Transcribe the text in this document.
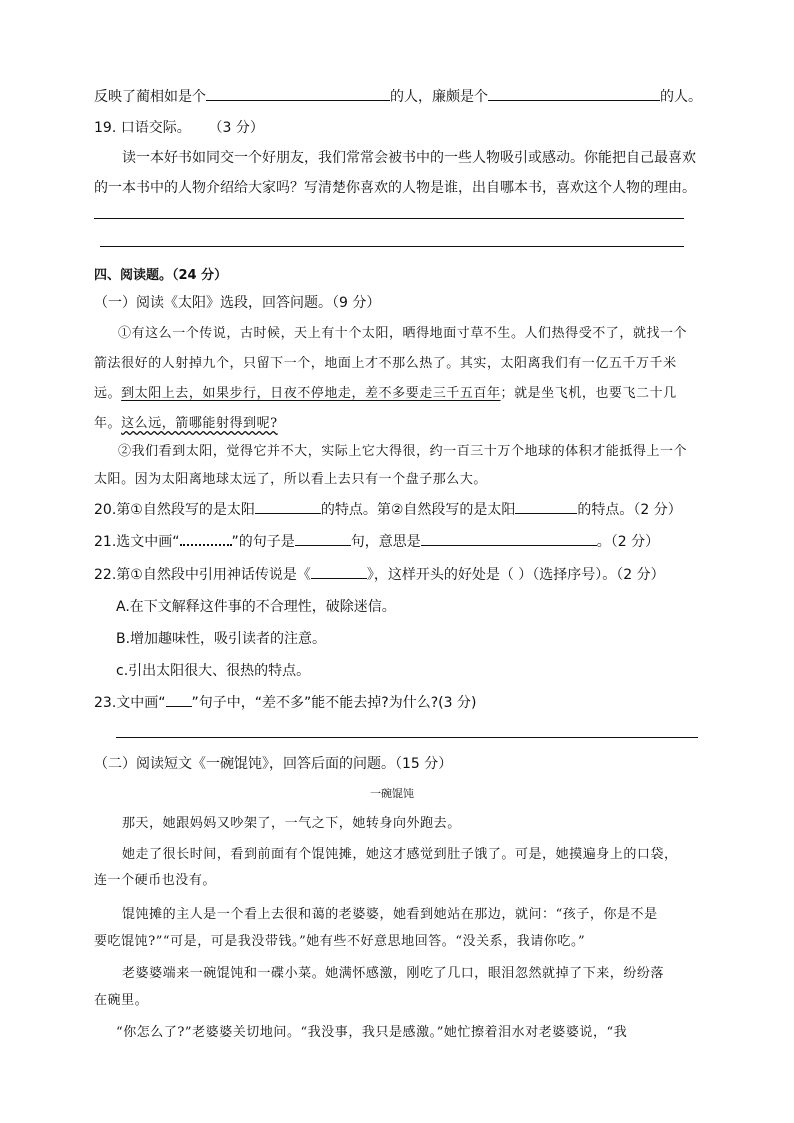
反映了蔺相如是个	的人，廉颇是个	的人。
19. 口语交际。 （3 分）
读一本好书如同交一个好朋友，我们常常会被书中的一些人物吸引或感动。你能把自己最喜欢
的一本书中的人物介绍给大家吗？写清楚你喜欢的人物是谁，出自哪本书，喜欢这个人物的理由。
四、阅读题。（24 分）
（一）阅读《太阳》选段，回答问题。（9 分）
①有这么一个传说，古时候，天上有十个太阳，晒得地面寸草不生。人们热得受不了，就找一个
箭法很好的人射掉九个，只留下一个，地面上才不那么热了。其实，太阳离我们有一亿五千万千米
远。到太阳上去，如果步行，日夜不停地走，差不多要走三千五百年；就是坐飞机，也要飞二十几
年。这么远，箭哪能射得到呢?
②我们看到太阳，觉得它并不大，实际上它大得很，约一百三十万个地球的体积才能抵得上一个
太阳。因为太阳离地球太远了，所以看上去只有一个盘子那么大。
20.第①自然段写的是太阳	的特点。第②自然段写的是太阳	的特点。（2 分）
21.选文中画“	”的句子是	句，意思是	。（2 分）
22.第①自然段中引用神话传说是《	》，这样开头的好处是（ ）（选择序号）。（2 分）
A.在下文解释这件事的不合理性，破除迷信。
B.增加趣味性，吸引读者的注意。
c.引出太阳很大、很热的特点。
23.文中画“ ”句子中，“差不多”能不能去掉?为什么?(3 分)
（二）阅读短文《一碗馄饨》，回答后面的问题。（15 分）
一碗馄饨
那天，她跟妈妈又吵架了，一气之下，她转身向外跑去。
她走了很长时间，看到前面有个馄饨摊，她这才感觉到肚子饿了。可是，她摸遍身上的口袋，
连一个硬币也没有。
馄饨摊的主人是一个看上去很和蔼的老婆婆，她看到她站在那边，就问：“孩子，你是不是
要吃馄饨?”“可是，可是我没带钱。”她有些不好意思地回答。“没关系，我请你吃。”
老婆婆端来一碗馄饨和一碟小菜。她满怀感激，刚吃了几口，眼泪忽然就掉了下来，纷纷落
在碗里。
“你怎么了?”老婆婆关切地问。“我没事，我只是感激。”她忙擦着泪水对老婆婆说，“我
